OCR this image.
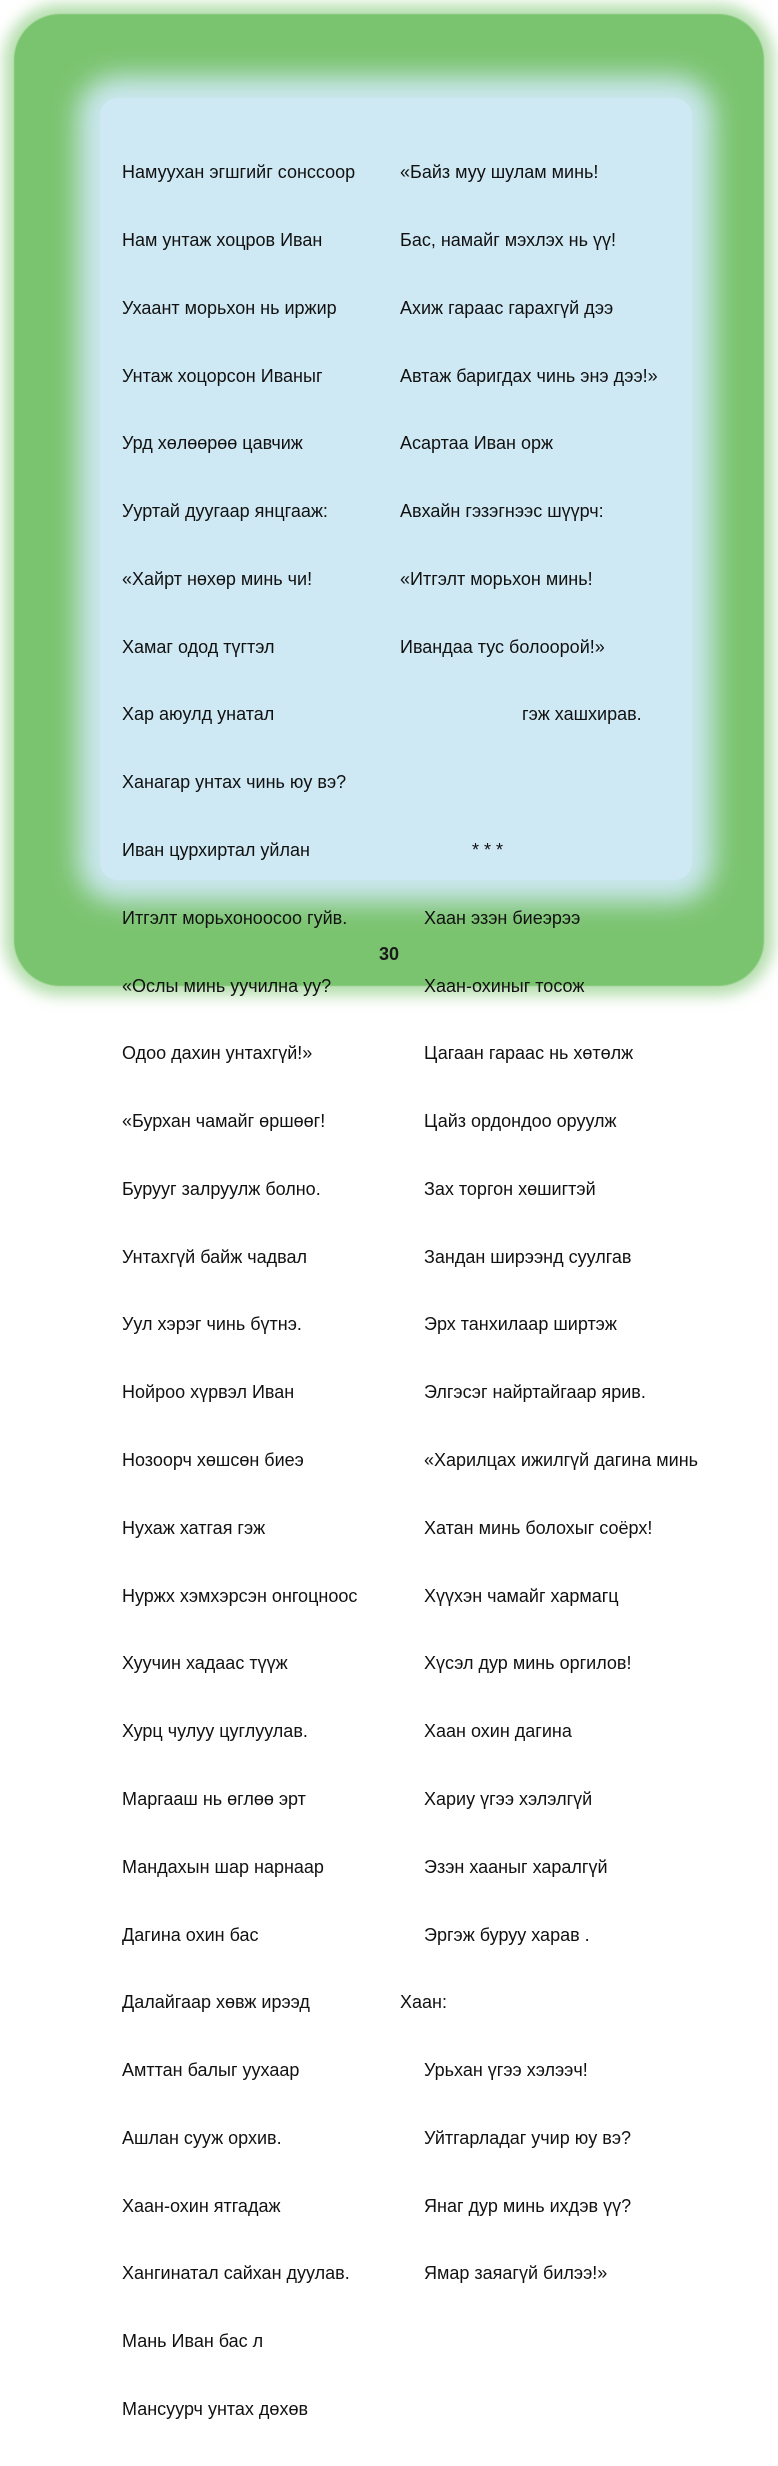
Намуухан эгшгийг сонссоор

Нам унтаж хоцров Иван

Ухаант морьхон нь иржир

Унтаж хоцорсон Иваныг

Урд хөлөөрөө цавчиж

Ууртай дуугаар янцгааж:

«Хайрт нөхөр минь чи!

Хамаг одод түгтэл

Хар аюулд унатал

Ханагар унтах чинь юу вэ?

Иван цурхиртал уйлан

Итгэлт морьхоноосоо гуйв.

«Ослы минь уучилна уу?

Одоо дахин унтахгүй!»

«Бурхан чамайг өршөөг!

Бурууг залруулж болно.

Унтахгүй байж чадвал

Уул хэрэг чинь бүтнэ.

Нойроо хүрвэл Иван

Нозоорч хөшсөн биеэ

Нухаж хатгая гэж

Нуржх хэмхэрсэн онгоцноос

Хуучин хадаас түүж

Хурц чулуу цуглуулав.

Маргааш нь өглөө эрт

Мандахын шар нарнаар

Дагина охин бас

Далайгаар хөвж ирээд

Амттан балыг уухаар

Ашлан сууж орхив.

Хаан-охин ятгадаж

Хангинатал сайхан дуулав.

Мань Иван бас л

Мансуурч унтах дөхөв

«Байз муу шулам минь!

Бас, намайг мэхлэх нь үү!

Ахиж гараас гарахгүй дээ

Автаж баригдах чинь энэ дээ!»

Асартаа Иван орж

Авхайн гэзэгнээс шүүрч:

«Итгэлт морьхон минь!

Ивандаа тус болоорой!»

гэж хашхирав.

* * *

Хаан эзэн биеэрээ

Хаан-охиныг тосож

Цагаан гараас нь хөтөлж

Цайз ордондоо оруулж

Зах торгон хөшигтэй

Зандан ширээнд суулгав

Эрх танхилаар ширтэж

Элгэсэг найртайгаар ярив.

«Харилцах ижилгүй дагина минь

Хатан минь болохыг соёрх!

Хүүхэн чамайг хармагц

Хүсэл дур минь оргилов!

Хаан охин дагина

Хариу үгээ хэлэлгүй

Эзэн хааныг харалгүй

Эргэж буруу харав .

Хаан:

Урьхан үгээ хэлээч!

Уйтгарладаг учир юу вэ?

Янаг дур минь ихдэв үү?

Ямар заяагүй билээ!»

30
